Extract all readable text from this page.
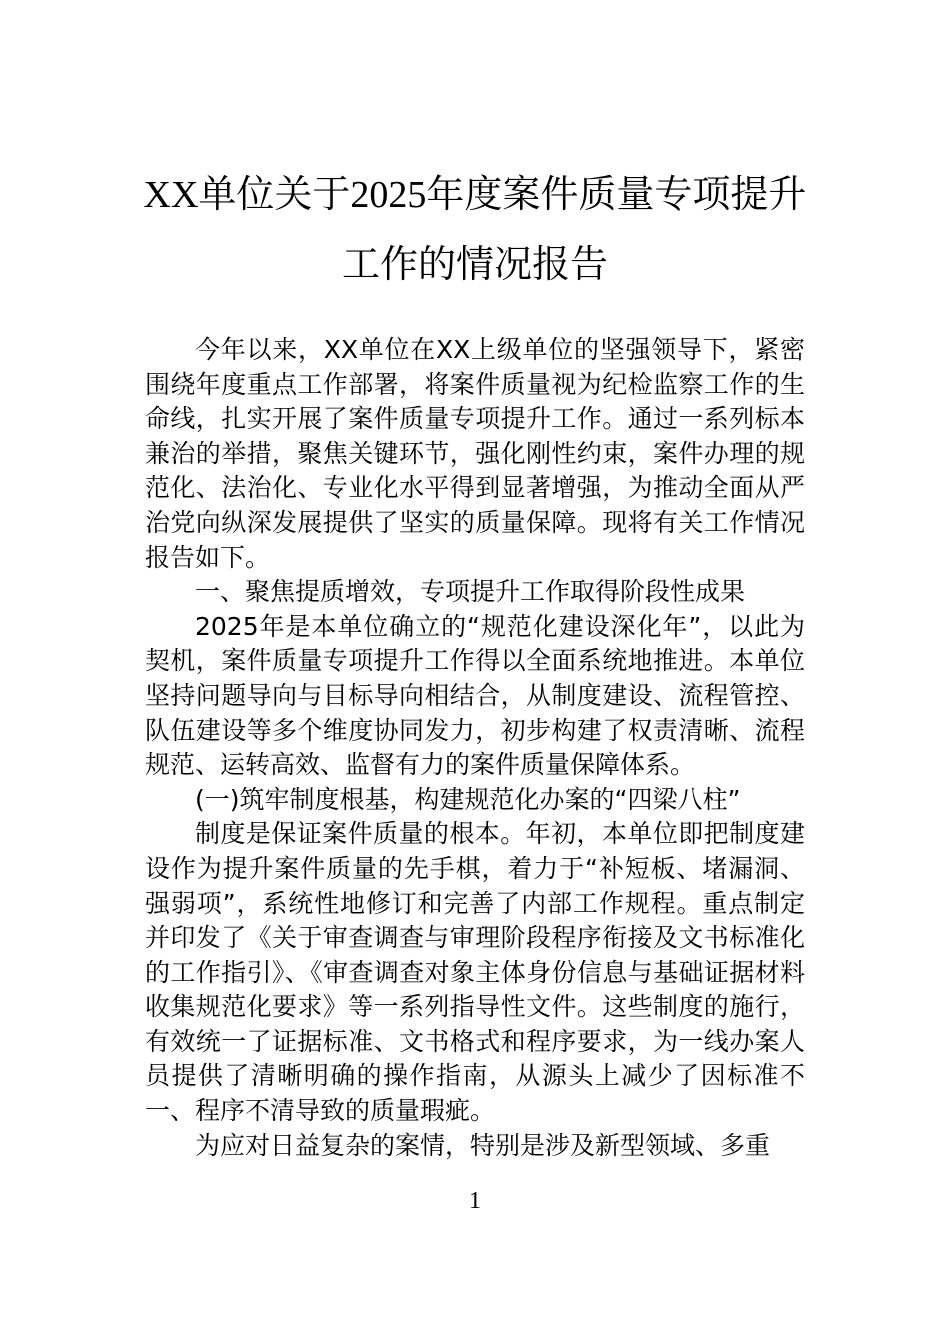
XX单位关于2025年度案件质量专项提升
工作的情况报告

今年以来，XX单位在XX上级单位的坚强领导下，紧密围绕年度重点工作部署，将案件质量视为纪检监察工作的生命线，扎实开展了案件质量专项提升工作。通过一系列标本兼治的举措，聚焦关键环节，强化刚性约束，案件办理的规范化、法治化、专业化水平得到显著增强，为推动全面从严治党向纵深发展提供了坚实的质量保障。现将有关工作情况报告如下。

一、聚焦提质增效，专项提升工作取得阶段性成果

2025年是本单位确立的“规范化建设深化年”，以此为契机，案件质量专项提升工作得以全面系统地推进。本单位坚持问题导向与目标导向相结合，从制度建设、流程管控、队伍建设等多个维度协同发力，初步构建了权责清晰、流程规范、运转高效、监督有力的案件质量保障体系。

(一)筑牢制度根基，构建规范化办案的“四梁八柱”

制度是保证案件质量的根本。年初，本单位即把制度建设作为提升案件质量的先手棋，着力于“补短板、堵漏洞、强弱项”，系统性地修订和完善了内部工作规程。重点制定并印发了《关于审查调查与审理阶段程序衔接及文书标准化的工作指引》、《审查调查对象主体身份信息与基础证据材料收集规范化要求》等一系列指导性文件。这些制度的施行，有效统一了证据标准、文书格式和程序要求，为一线办案人员提供了清晰明确的操作指南，从源头上减少了因标准不一、程序不清导致的质量瑕疵。

为应对日益复杂的案情，特别是涉及新型领域、多重

1
